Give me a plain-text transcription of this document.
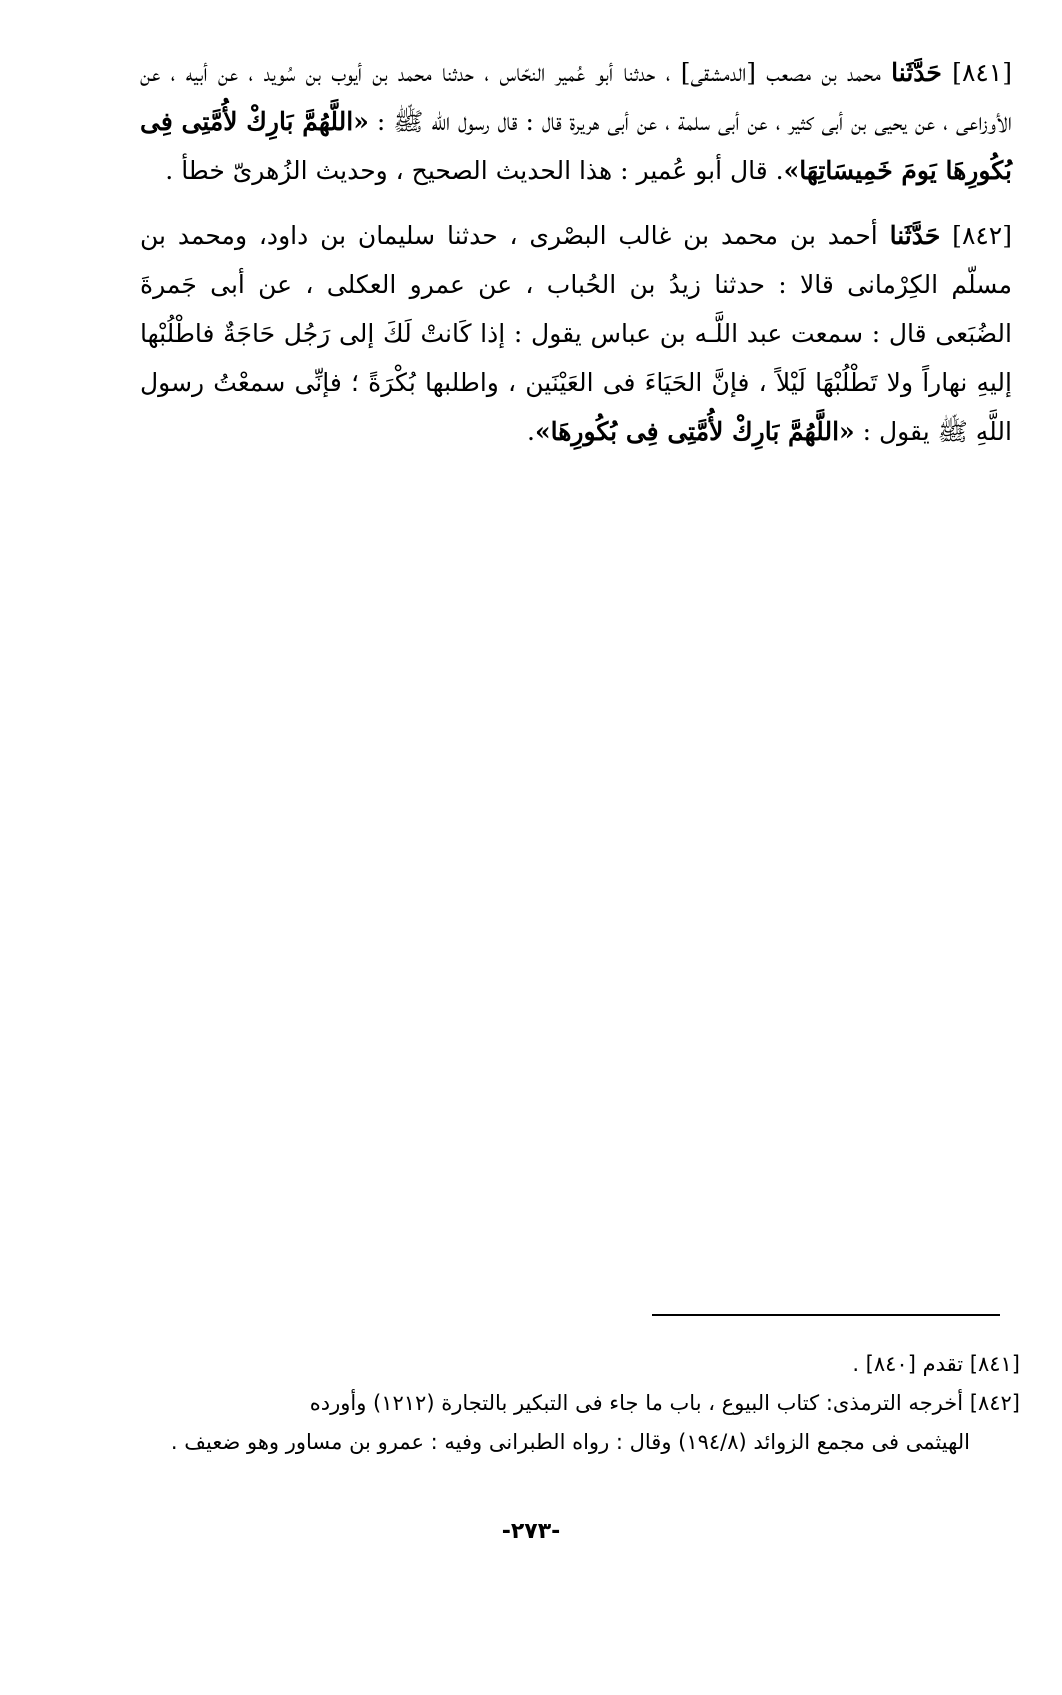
[٨٤١] حَدَّثَنا محمد بن مصعب [الدمشقى] ، حدثنا أبو عُمير النحّاس ، حدثنا محمد بن أيوب بن سُويد ، عن أبيه ، عن الأوزاعى ، عن يحيى بن أبى كثير ، عن أبى سلمة ، عن أبى هريرة قال : قال رسول الله ﷺ : «اللَّهُمَّ بَارِكْ لأُمَّتِى فِى بُكُورِهَا يَومَ خَمِيسَاتِهَا». قال أبو عُمير : هذا الحديث الصحيح ، وحديث الزُهرىّ خطأ .

[٨٤٢] حَدَّثَنا أحمد بن محمد بن غالب البصْرى ، حدثنا سليمان بن داود، ومحمد بن مسلّم الكِرْمانى قالا : حدثنا زيدُ بن الحُباب ، عن عمرو العكلى ، عن أبى جَمرةَ الضُبَعى قال : سمعت عبد اللَّـه بن عباس يقول : إذا كَانتْ لَكَ إلى رَجُل حَاجَةٌ فاطْلُبْها إليهِ نهاراً ولا تَطْلُبْهَا لَيْلاً ، فإنَّ الحَيَاءَ فى العَيْنَين ، واطلبها بُكْرَةً ؛ فإنِّى سمعْتُ رسول اللَّهِ ﷺ يقول : «اللَّهُمَّ بَارِكْ لأُمَّتِى فِى بُكُورِهَا».

[٨٤١] تقدم [٨٤٠] .

[٨٤٢] أخرجه الترمذى: كتاب البيوع ، باب ما جاء فى التبكير بالتجارة (١٢١٢) وأورده

الهيثمى فى مجمع الزوائد (١٩٤/٨) وقال : رواه الطبرانى وفيه : عمرو بن مساور وهو ضعيف .

-٢٧٣-
